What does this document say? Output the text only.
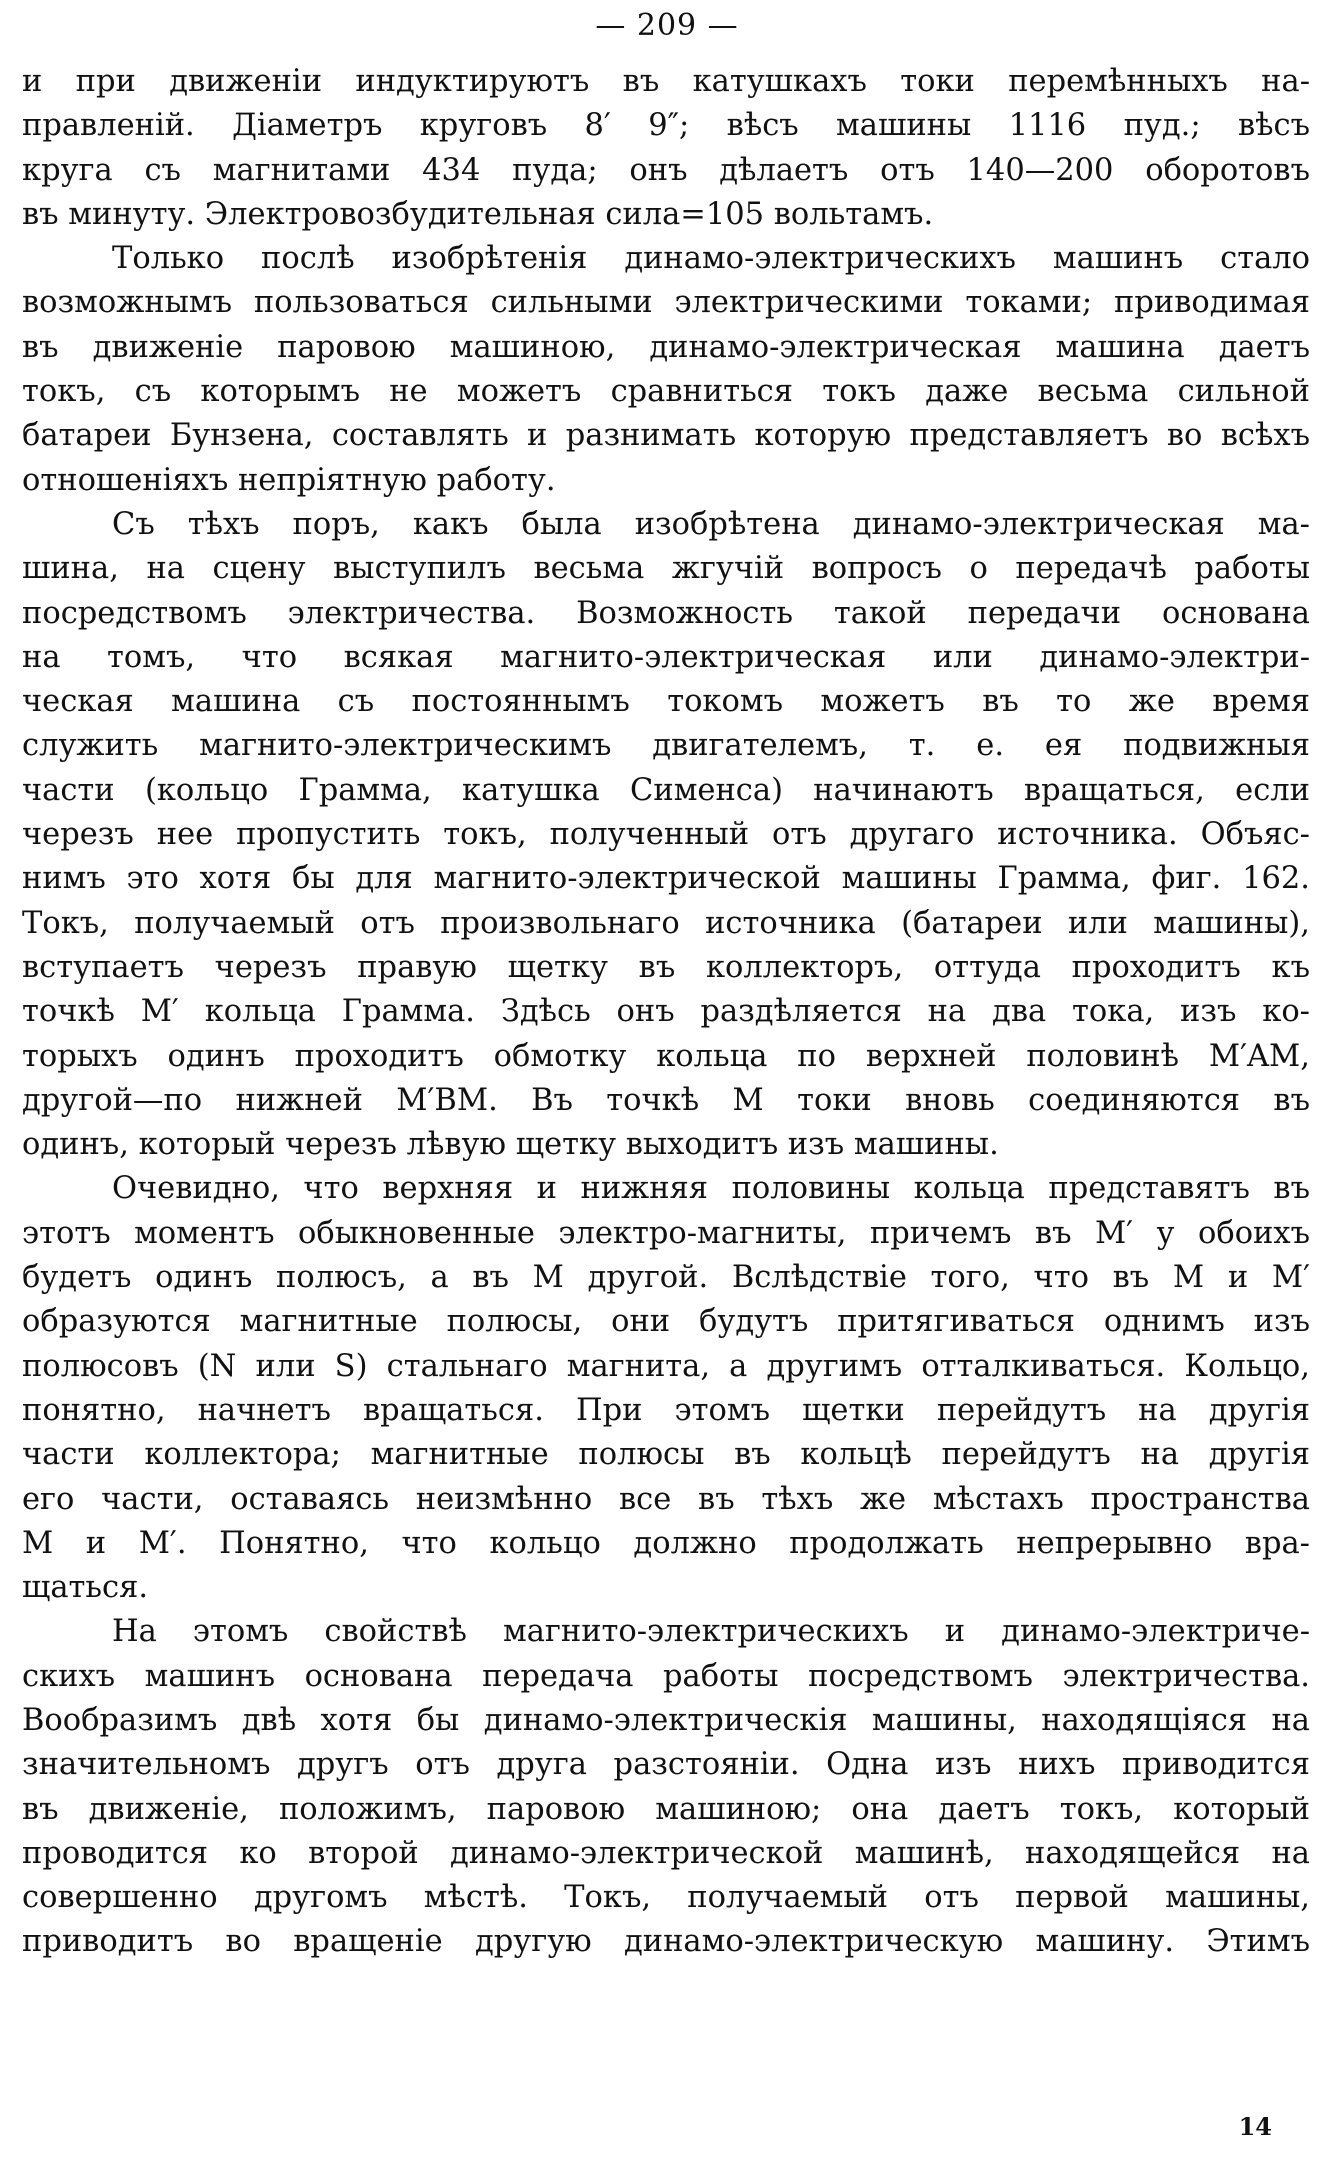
— 209 —
и при движеніи индуктируютъ въ катушкахъ токи перемѣнныхъ на-
правленій. Діаметръ круговъ 8′ 9″; вѣсъ машины 1116 пуд.; вѣсъ
круга съ магнитами 434 пуда; онъ дѣлаетъ отъ 140—200 оборотовъ
въ минуту. Электровозбудительная сила=105 вольтамъ.
Только послѣ изобрѣтенія динамо-электрическихъ машинъ стало
возможнымъ пользоваться сильными электрическими токами; приводимая
въ движеніе паровою машиною, динамо-электрическая машина даетъ
токъ, съ которымъ не можетъ сравниться токъ даже весьма сильной
батареи Бунзена, составлять и разнимать которую представляетъ во всѣхъ
отношеніяхъ непріятную работу.
Съ тѣхъ поръ, какъ была изобрѣтена динамо-электрическая ма-
шина, на сцену выступилъ весьма жгучій вопросъ о передачѣ работы
посредствомъ электричества. Возможность такой передачи основана
на томъ, что всякая магнито-электрическая или динамо-электри-
ческая машина съ постояннымъ токомъ можетъ въ то же время
служить магнито-электрическимъ двигателемъ, т. е. ея подвижныя
части (кольцо Грамма, катушка Сименса) начинаютъ вращаться, если
черезъ нее пропустить токъ, полученный отъ другаго источника. Объяс-
нимъ это хотя бы для магнито-электрической машины Грамма, фиг. 162.
Токъ, получаемый отъ произвольнаго источника (батареи или машины),
вступаетъ черезъ правую щетку въ коллекторъ, оттуда проходитъ къ
точкѣ M′ кольца Грамма. Здѣсь онъ раздѣляется на два тока, изъ ко-
торыхъ одинъ проходитъ обмотку кольца по верхней половинѣ M′AM,
другой—по нижней M′BM. Въ точкѣ M токи вновь соединяются въ
одинъ, который черезъ лѣвую щетку выходитъ изъ машины.
Очевидно, что верхняя и нижняя половины кольца представятъ въ
этотъ моментъ обыкновенные электро-магниты, причемъ въ M′ у обоихъ
будетъ одинъ полюсъ, а въ M другой. Вслѣдствіе того, что въ M и M′
образуются магнитные полюсы, они будутъ притягиваться однимъ изъ
полюсовъ (N или S) стальнаго магнита, а другимъ отталкиваться. Кольцо,
понятно, начнетъ вращаться. При этомъ щетки перейдутъ на другія
части коллектора; магнитные полюсы въ кольцѣ перейдутъ на другія
его части, оставаясь неизмѣнно все въ тѣхъ же мѣстахъ пространства
M и M′. Понятно, что кольцо должно продолжать непрерывно вра-
щаться.
На этомъ свойствѣ магнито-электрическихъ и динамо-электриче-
скихъ машинъ основана передача работы посредствомъ электричества.
Вообразимъ двѣ хотя бы динамо-электрическія машины, находящіяся на
значительномъ другъ отъ друга разстояніи. Одна изъ нихъ приводится
въ движеніе, положимъ, паровою машиною; она даетъ токъ, который
проводится ко второй динамо-электрической машинѣ, находящейся на
совершенно другомъ мѣстѣ. Токъ, получаемый отъ первой машины,
приводитъ во вращеніе другую динамо-электрическую машину. Этимъ
14
